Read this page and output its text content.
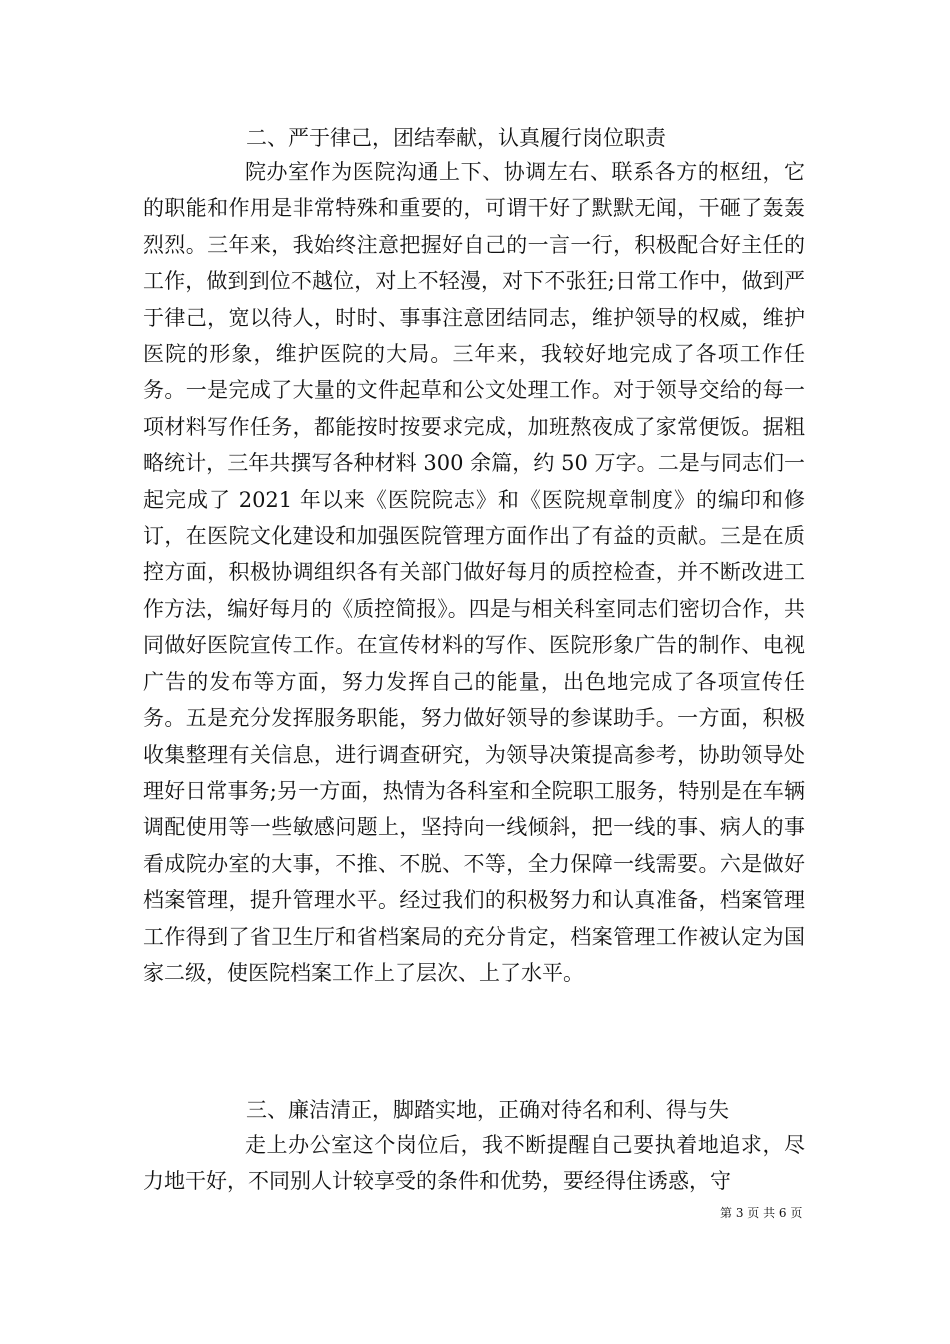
二、严于律己，团结奉献，认真履行岗位职责

院办室作为医院沟通上下、协调左右、联系各方的枢纽，它的职能和作用是非常特殊和重要的，可谓干好了默默无闻，干砸了轰轰烈烈。三年来，我始终注意把握好自己的一言一行，积极配合好主任的工作，做到到位不越位，对上不轻漫，对下不张狂;日常工作中，做到严于律己，宽以待人，时时、事事注意团结同志，维护领导的权威，维护医院的形象，维护医院的大局。三年来，我较好地完成了各项工作任务。一是完成了大量的文件起草和公文处理工作。对于领导交给的每一项材料写作任务，都能按时按要求完成，加班熬夜成了家常便饭。据粗略统计，三年共撰写各种材料 300 余篇，约 50 万字。二是与同志们一起完成了 2021 年以来《医院院志》和《医院规章制度》的编印和修订，在医院文化建设和加强医院管理方面作出了有益的贡献。三是在质控方面，积极协调组织各有关部门做好每月的质控检查，并不断改进工作方法，编好每月的《质控简报》。四是与相关科室同志们密切合作，共同做好医院宣传工作。在宣传材料的写作、医院形象广告的制作、电视广告的发布等方面，努力发挥自己的能量，出色地完成了各项宣传任务。五是充分发挥服务职能，努力做好领导的参谋助手。一方面，积极收集整理有关信息，进行调查研究，为领导决策提高参考，协助领导处理好日常事务;另一方面，热情为各科室和全院职工服务，特别是在车辆调配使用等一些敏感问题上，坚持向一线倾斜，把一线的事、病人的事看成院办室的大事，不推、不脱、不等，全力保障一线需要。六是做好档案管理，提升管理水平。经过我们的积极努力和认真准备，档案管理工作得到了省卫生厅和省档案局的充分肯定，档案管理工作被认定为国家二级，使医院档案工作上了层次、上了水平。

三、廉洁清正，脚踏实地，正确对待名和利、得与失

走上办公室这个岗位后，我不断提醒自己要执着地追求，尽力地干好，不同别人计较享受的条件和优势，要经得住诱惑，守

第 3 页 共 6 页
